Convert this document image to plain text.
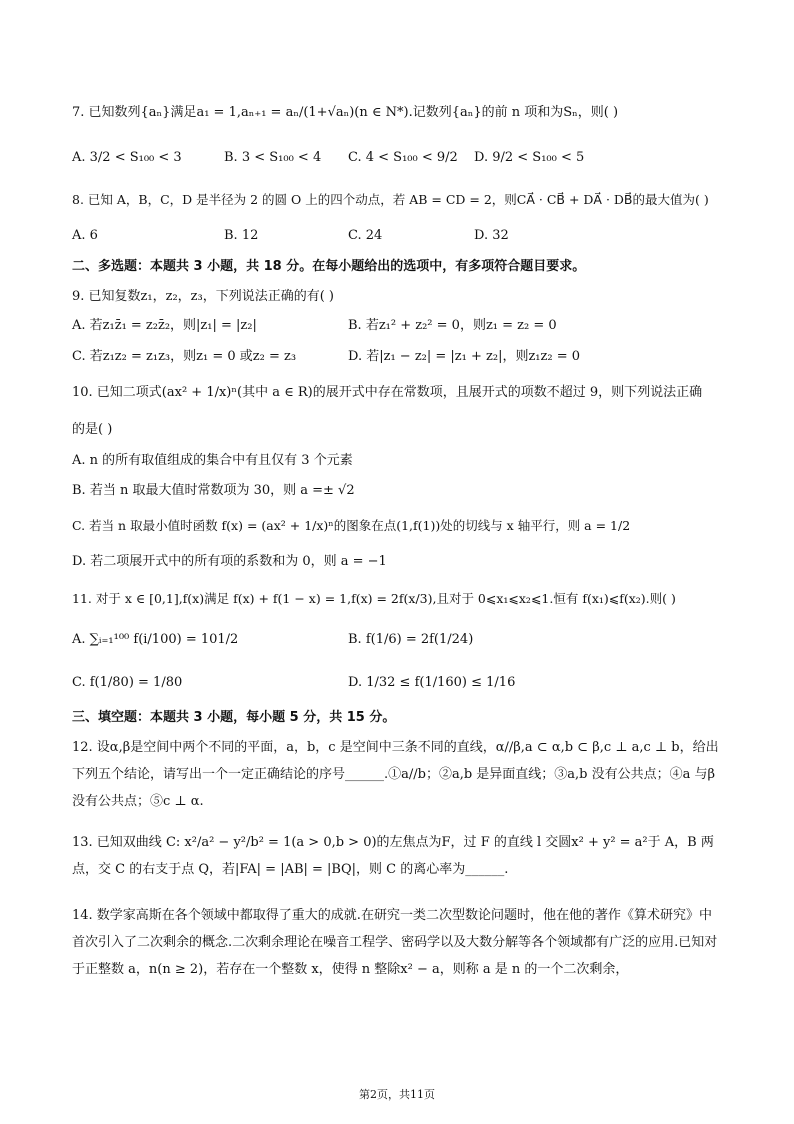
7. 已知数列{aₙ}满足a₁ = 1,aₙ₊₁ = aₙ/(1+√aₙ)(n ∈ N*).记数列{aₙ}的前 n 项和为Sₙ，则( )
A. 3/2 < S₁₀₀ < 3	B. 3 < S₁₀₀ < 4 C. 4 < S₁₀₀ < 9/2 D. 9/2 < S₁₀₀ < 5
8. 已知 A，B，C，D 是半径为 2 的圆 O 上的四个动点，若 AB = CD = 2，则CA⃗ · CB⃗ + DA⃗ · DB⃗的最大值为( )
A. 6	B. 12	C. 24	D. 32
二、多选题：本题共 3 小题，共 18 分。在每小题给出的选项中，有多项符合题目要求。
9. 已知复数z₁，z₂，z₃，下列说法正确的有( )
A. 若z₁z̄₁ = z₂z̄₂，则|z₁| = |z₂|	B. 若z₁² + z₂² = 0，则z₁ = z₂ = 0
C. 若z₁z₂ = z₁z₃，则z₁ = 0 或z₂ = z₃	D. 若|z₁ − z₂| = |z₁ + z₂|，则z₁z₂ = 0
10. 已知二项式(ax² + 1/x)ⁿ(其中 a ∈ R)的展开式中存在常数项，且展开式的项数不超过 9，则下列说法正确
的是( )
A. n 的所有取值组成的集合中有且仅有 3 个元素
B. 若当 n 取最大值时常数项为 30，则 a =± √2
C. 若当 n 取最小值时函数 f(x) = (ax² + 1/x)ⁿ的图象在点(1,f(1))处的切线与 x 轴平行，则 a = 1/2
D. 若二项展开式中的所有项的系数和为 0，则 a = −1
11. 对于 x ∈ [0,1],f(x)满足 f(x) + f(1 − x) = 1,f(x) = 2f(x/3),且对于 0⩽x₁⩽x₂⩽1.恒有 f(x₁)⩽f(x₂).则( )
A. ∑ᵢ₌₁¹⁰⁰ f(i/100) = 101/2	B. f(1/6) = 2f(1/24)
C. f(1/80) = 1/80	D. 1/32 ≤ f(1/160) ≤ 1/16
三、填空题：本题共 3 小题，每小题 5 分，共 15 分。
12. 设α,β是空间中两个不同的平面，a，b，c 是空间中三条不同的直线，α//β,a ⊂ α,b ⊂ β,c ⊥ a,c ⊥ b，给出下列五个结论，请写出一个一定正确结论的序号______.①a//b；②a,b 是异面直线；③a,b 没有公共点；④a 与β没有公共点；⑤c ⊥ α.
13. 已知双曲线 C: x²/a² − y²/b² = 1(a > 0,b > 0)的左焦点为F，过 F 的直线 l 交圆x² + y² = a²于 A，B 两点，交 C 的右支于点 Q，若|FA| = |AB| = |BQ|，则 C 的离心率为______.
14. 数学家高斯在各个领域中都取得了重大的成就.在研究一类二次型数论问题时，他在他的著作《算术研究》中首次引入了二次剩余的概念.二次剩余理论在噪音工程学、密码学以及大数分解等各个领域都有广泛的应用.已知对于正整数 a，n(n ≥ 2)，若存在一个整数 x，使得 n 整除x² − a，则称 a 是 n 的一个二次剩余，
第2页，共11页
